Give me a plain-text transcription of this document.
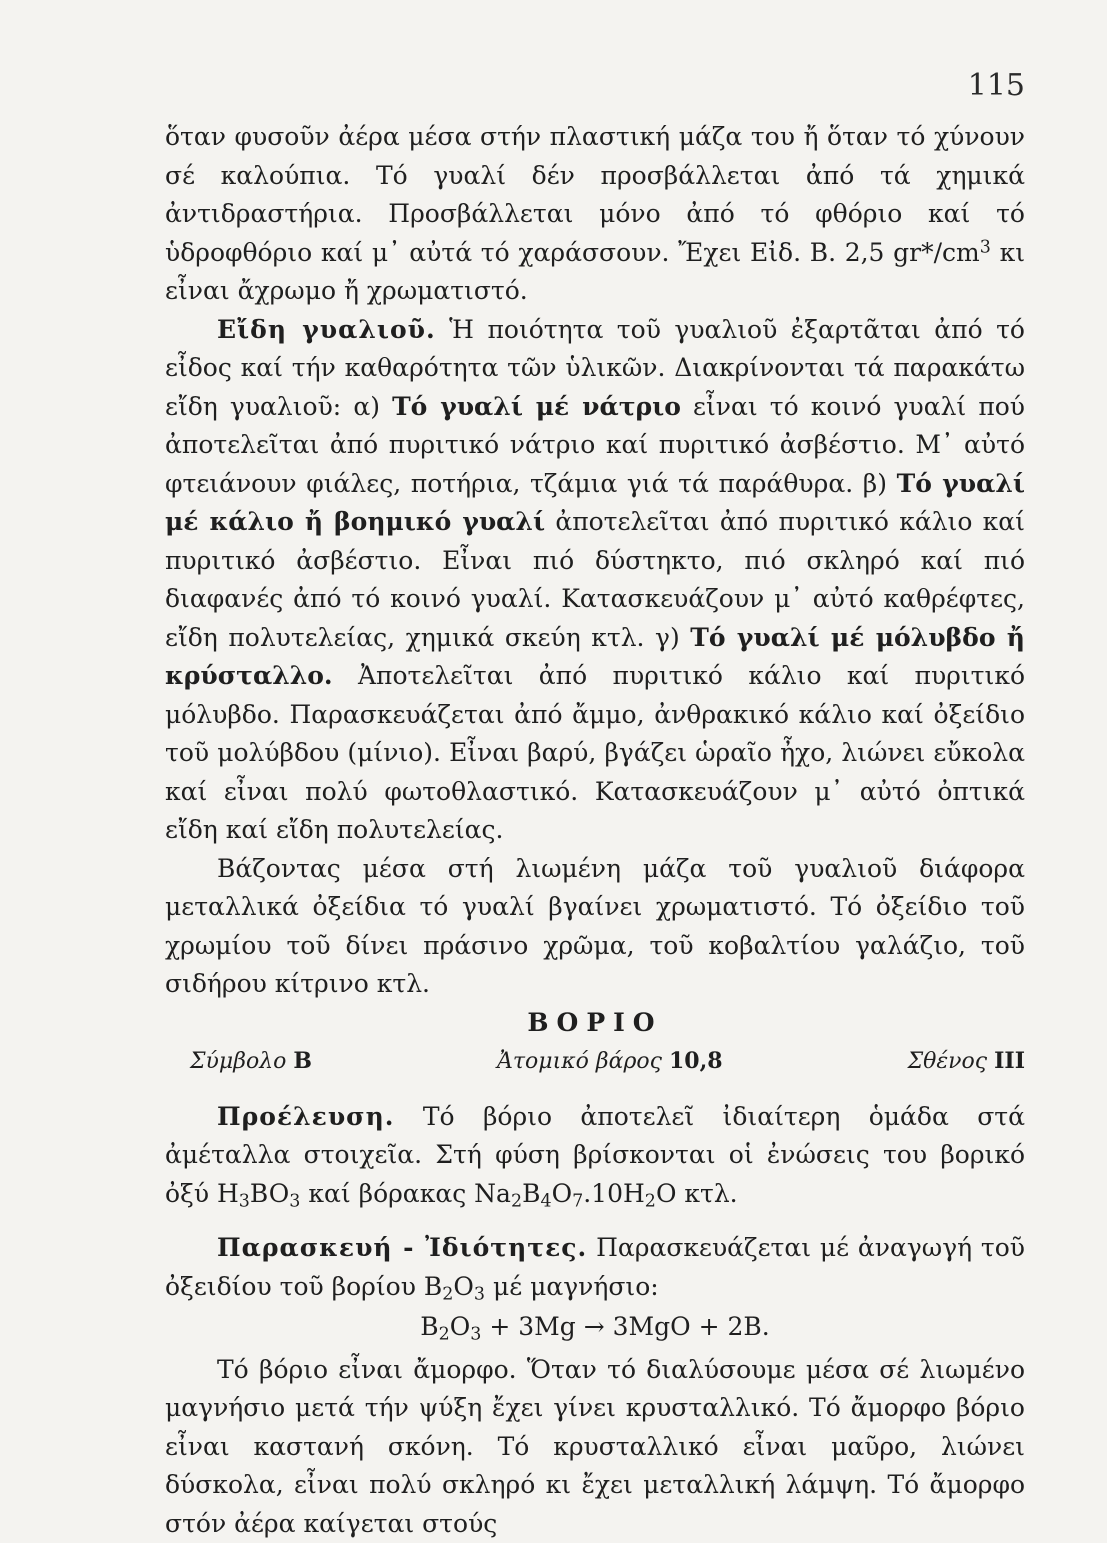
115

ὅταν φυσοῦν ἀέρα μέσα στήν πλαστική μάζα του ἤ ὅταν τό χύνουν σέ καλούπια. Τό γυαλί δέν προσβάλλεται ἀπό τά χημικά ἀντιδραστήρια. Προσβάλλεται μόνο ἀπό τό φθόριο καί τό ὑδροφθόριο καί μ᾽ αὐτά τό χαράσσουν. Ἔχει Εἰδ. Β. 2,5 $gr*/cm^3$ κι εἶναι ἄχρωμο ἤ χρωματιστό.

Εἴδη γυαλιοῦ. Ἡ ποιότητα τοῦ γυαλιοῦ ἐξαρτᾶται ἀπό τό εἶδος καί τήν καθαρότητα τῶν ὑλικῶν. Διακρίνονται τά παρακάτω εἴδη γυαλιοῦ: α) Τό γυαλί μέ νάτριο εἶναι τό κοινό γυαλί πού ἀποτελεῖται ἀπό πυριτικό νάτριο καί πυριτικό ἀσβέστιο. Μ᾽ αὐτό φτειάνουν φιάλες, ποτήρια, τζάμια γιά τά παράθυρα. β) Τό γυαλί μέ κάλιο ἤ βοημικό γυαλί ἀποτελεῖται ἀπό πυριτικό κάλιο καί πυριτικό ἀσβέστιο. Εἶναι πιό δύστηκτο, πιό σκληρό καί πιό διαφανές ἀπό τό κοινό γυαλί. Κατασκευάζουν μ᾽ αὐτό καθρέφτες, εἴδη πολυτελείας, χημικά σκεύη κτλ. γ) Τό γυαλί μέ μόλυβδο ἤ κρύσταλλο. Ἀποτελεῖται ἀπό πυριτικό κάλιο καί πυριτικό μόλυβδο. Παρασκευάζεται ἀπό ἄμμο, ἀνθρακικό κάλιο καί ὀξείδιο τοῦ μολύβδου (μίνιο). Εἶναι βαρύ, βγάζει ὡραῖο ἦχο, λιώνει εὔκολα καί εἶναι πολύ φωτοθλαστικό. Κατασκευάζουν μ᾽ αὐτό ὀπτικά εἴδη καί εἴδη πολυτελείας.

Βάζοντας μέσα στή λιωμένη μάζα τοῦ γυαλιοῦ διάφορα μεταλλικά ὀξείδια τό γυαλί βγαίνει χρωματιστό. Τό ὀξείδιο τοῦ χρωμίου τοῦ δίνει πράσινο χρῶμα, τοῦ κοβαλτίου γαλάζιο, τοῦ σιδήρου κίτρινο κτλ.

ΒΟΡΙΟ

Σύμβολο B	Ἀτομικό βάρος 10,8	Σθένος III

Προέλευση. Τό βόριο ἀποτελεῖ ἰδιαίτερη ὁμάδα στά ἀμέταλλα στοιχεῖα. Στή φύση βρίσκονται οἱ ἐνώσεις του βορικό ὀξύ $H_3BO_3$ καί βόρακας $Na_2B_4O_7.10H_2O$ κτλ.

Παρασκευή - Ἰδιότητες. Παρασκευάζεται μέ ἀναγωγή τοῦ ὀξειδίου τοῦ βορίου $B_2O_3$ μέ μαγνήσιο:

$B_2O_3 + 3Mg \to 3MgO + 2B$.

Τό βόριο εἶναι ἄμορφο. Ὅταν τό διαλύσουμε μέσα σέ λιωμένο μαγνήσιο μετά τήν ψύξη ἔχει γίνει κρυσταλλικό. Τό ἄμορφο βόριο εἶναι καστανή σκόνη. Τό κρυσταλλικό εἶναι μαῦρο, λιώνει δύσκολα, εἶναι πολύ σκληρό κι ἔχει μεταλλική λάμψη. Τό ἄμορφο στόν ἀέρα καίγεται στούς
